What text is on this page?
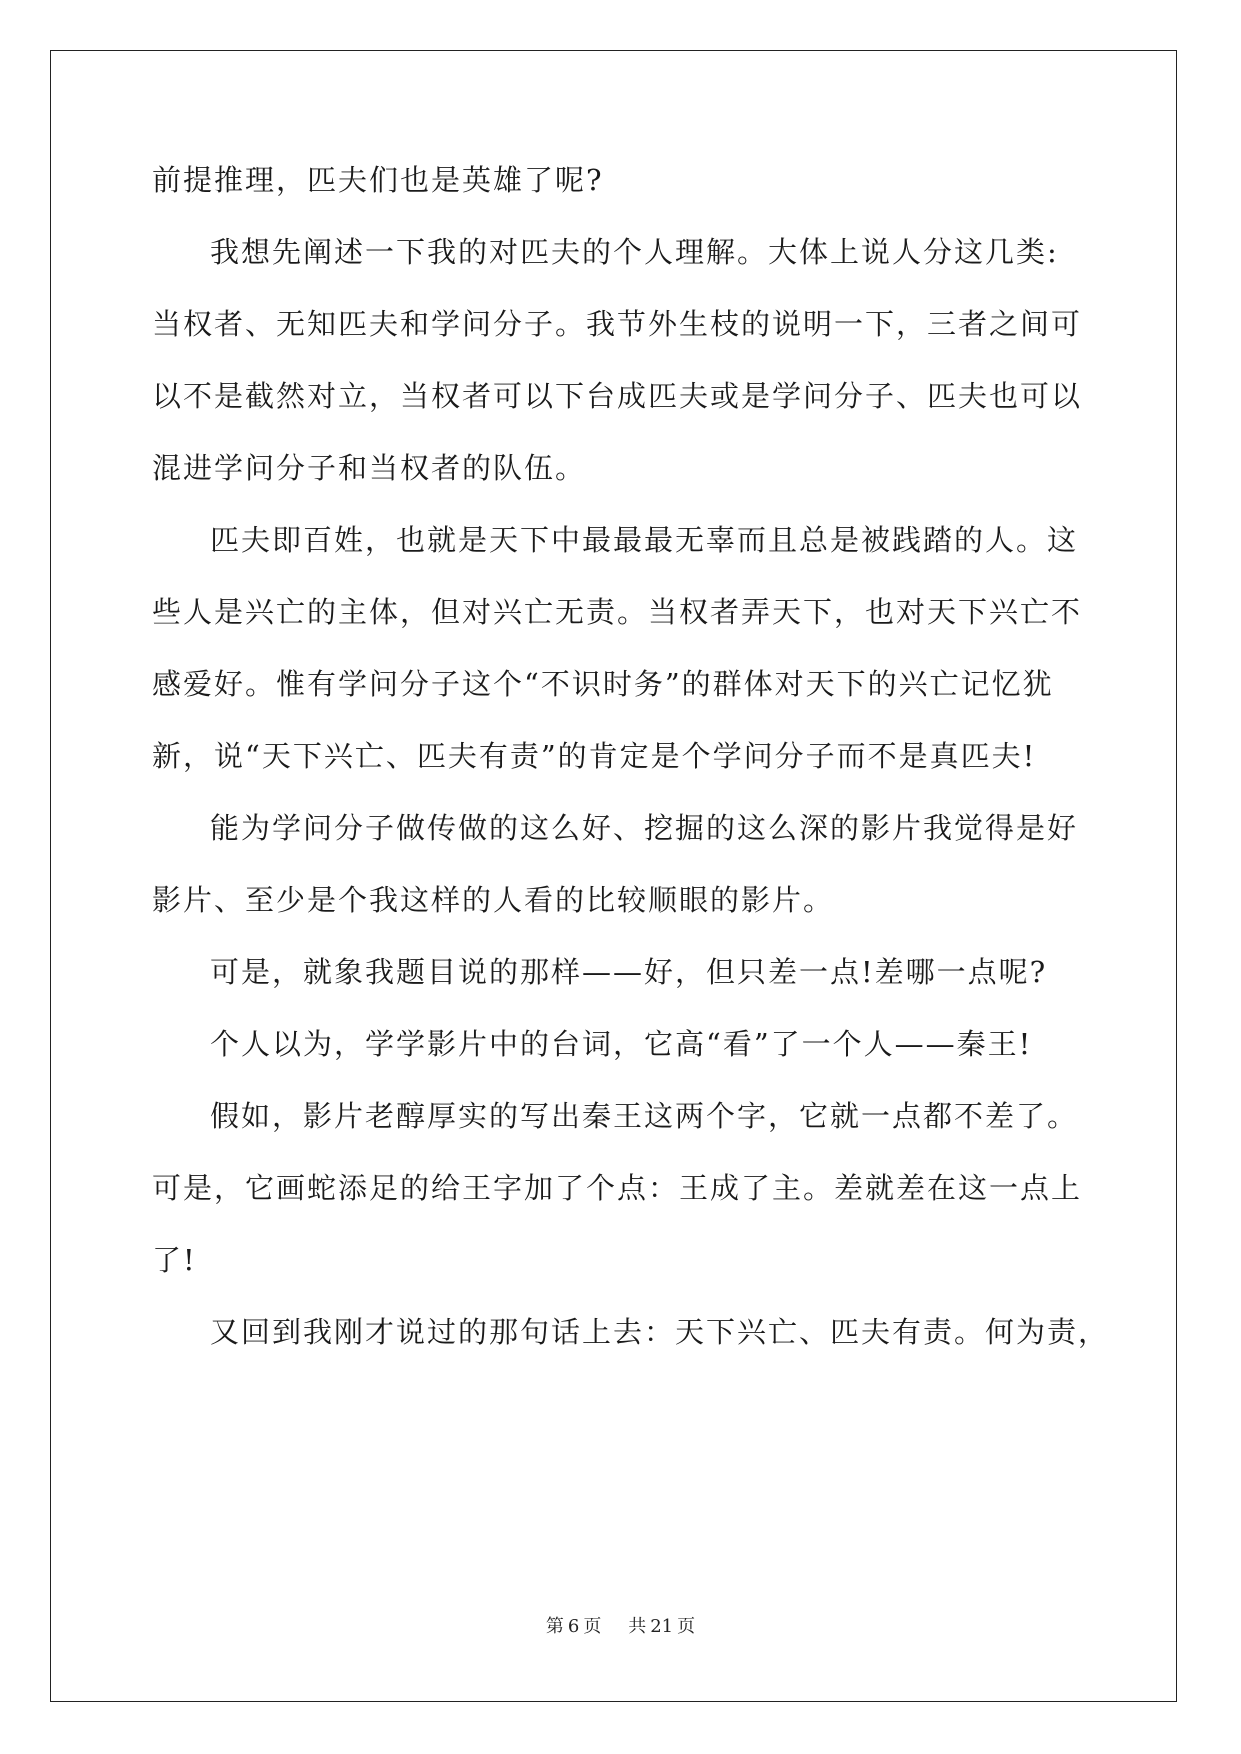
前提推理，匹夫们也是英雄了呢?
我想先阐述一下我的对匹夫的个人理解。大体上说人分这几类:
当权者、无知匹夫和学问分子。我节外生枝的说明一下，三者之间可
以不是截然对立，当权者可以下台成匹夫或是学问分子、匹夫也可以
混进学问分子和当权者的队伍。
匹夫即百姓，也就是天下中最最最无辜而且总是被践踏的人。这
些人是兴亡的主体，但对兴亡无责。当权者弄天下，也对天下兴亡不
感爱好。惟有学问分子这个“不识时务”的群体对天下的兴亡记忆犹
新，说“天下兴亡、匹夫有责”的肯定是个学问分子而不是真匹夫!
能为学问分子做传做的这么好、挖掘的这么深的影片我觉得是好
影片、至少是个我这样的人看的比较顺眼的影片。
可是，就象我题目说的那样——好，但只差一点!差哪一点呢?
个人以为，学学影片中的台词，它高“看”了一个人——秦王!
假如，影片老醇厚实的写出秦王这两个字，它就一点都不差了。
可是，它画蛇添足的给王字加了个点：王成了主。差就差在这一点上
了!
又回到我刚才说过的那句话上去：天下兴亡、匹夫有责。何为责，
第 6 页 共 21 页
